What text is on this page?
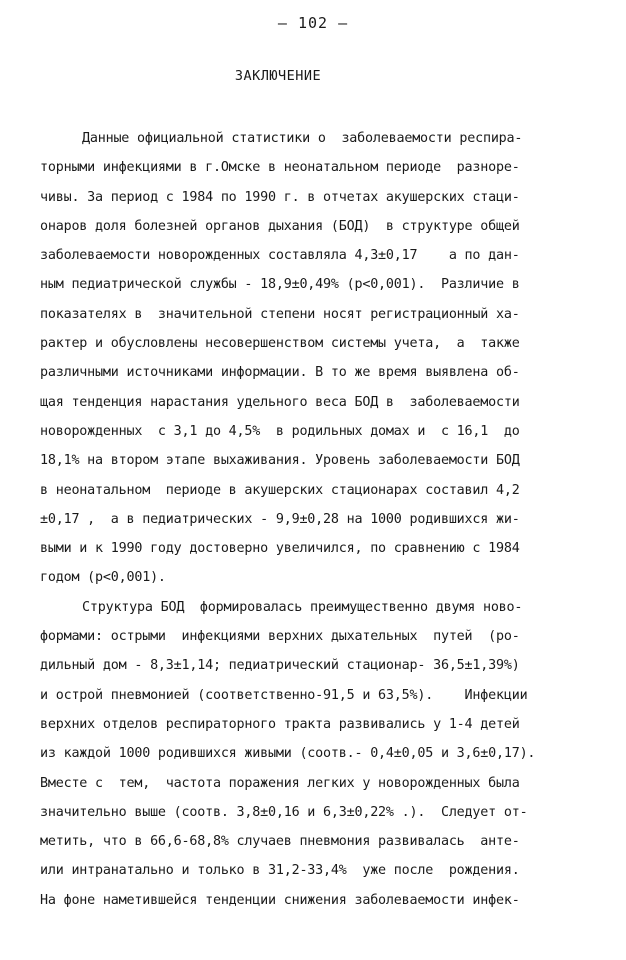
– 102 –
ЗАКЛЮЧЕНИЕ
Данные официальной статистики о  заболеваемости респира-
торными инфекциями в г.Омске в неонатальном периоде  разноре-
чивы. За период с 1984 по 1990 г. в отчетах акушерских стаци-
онаров доля болезней органов дыхания (БОД)  в структуре общей
заболеваемости новорожденных составляла 4,3±0,17    а по дан-
ным педиатрической службы - 18,9±0,49% (p<0,001).  Различие в
показателях в  значительной степени носят регистрационный ха-
рактер и обусловлены несовершенством системы учета,  а  также
различными источниками информации. В то же время выявлена об-
щая тенденция нарастания удельного веса БОД в  заболеваемости
новорожденных  с 3,1 до 4,5%  в родильных домах и  с 16,1  до
18,1% на втором этапе выхаживания. Уровень заболеваемости БОД
в неонатальном  периоде в акушерских стационарах составил 4,2
±0,17 ,  а в педиатрических - 9,9±0,28 на 1000 родившихся жи-
выми и к 1990 году достоверно увеличился, по сравнению с 1984
годом (p<0,001).
Структура БОД  формировалась преимущественно двумя ново-
формами: острыми  инфекциями верхних дыхательных  путей  (ро-
дильный дом - 8,3±1,14; педиатрический стационар- 36,5±1,39%)
и острой пневмонией (соответственно-91,5 и 63,5%).    Инфекции
верхних отделов респираторного тракта развивались у 1-4 детей
из каждой 1000 родившихся живыми (соотв.- 0,4±0,05 и 3,6±0,17).
Вместе с  тем,  частота поражения легких у новорожденных была
значительно выше (соотв. 3,8±0,16 и 6,3±0,22% .).  Следует от-
метить, что в 66,6-68,8% случаев пневмония развивалась  анте-
или интранатально и только в 31,2-33,4%  уже после  рождения.
На фоне наметившейся тенденции снижения заболеваемости инфек-
